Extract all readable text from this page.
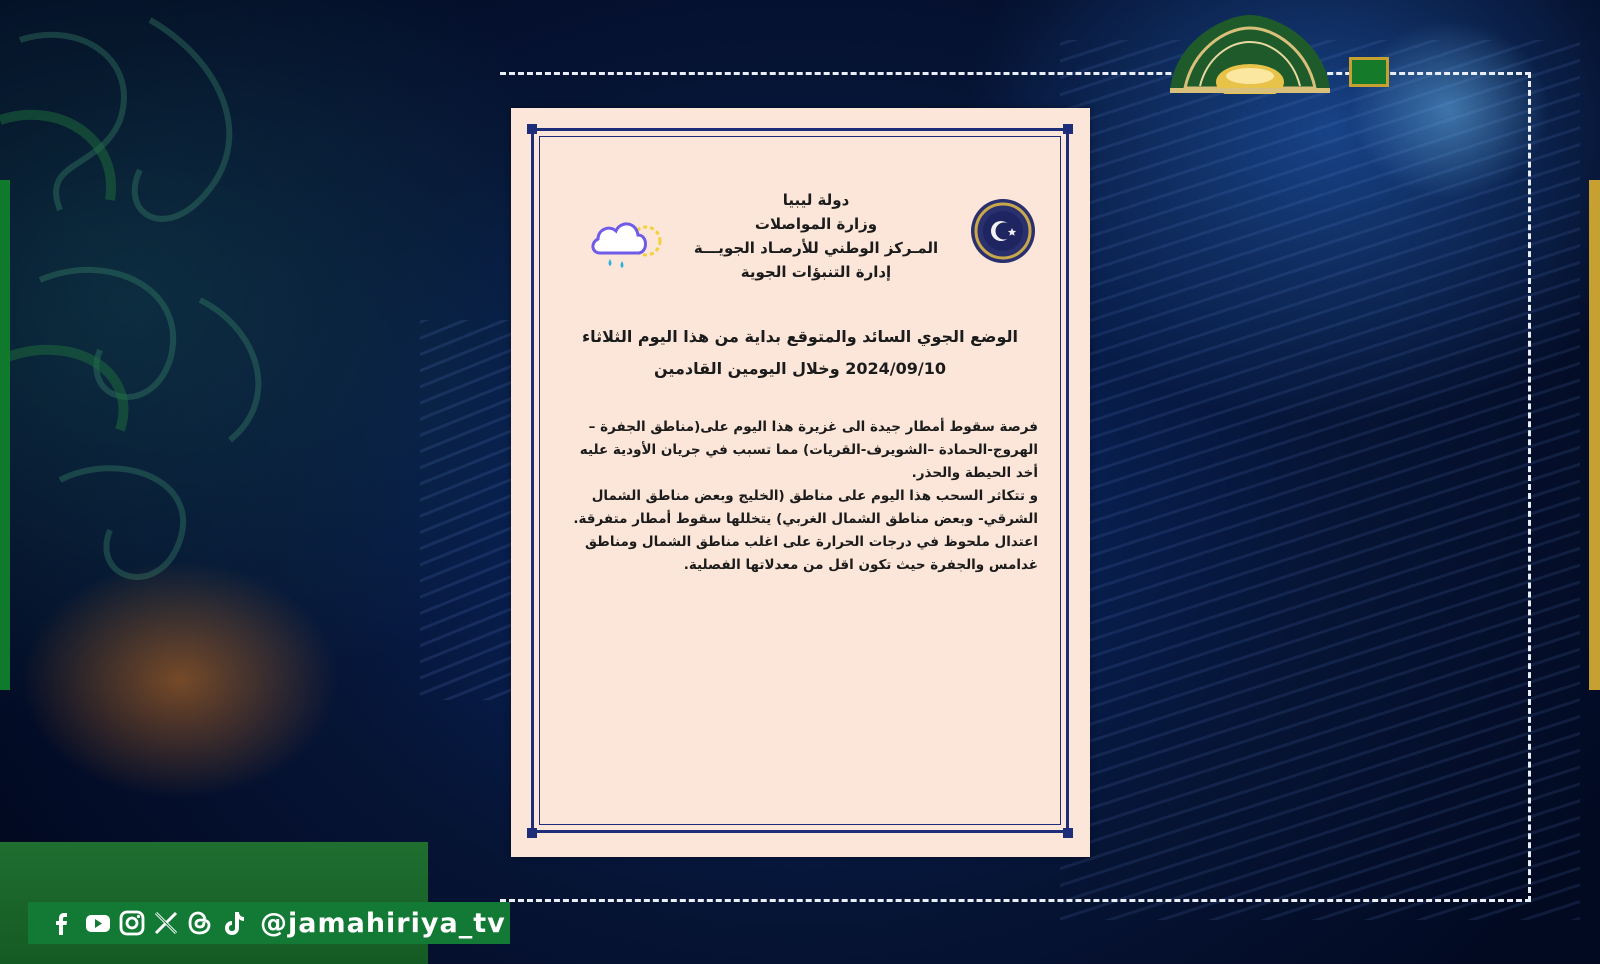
@jamahiriya_tv
دولة ليبيا
وزارة المواصلات
المـركز الوطني للأرصـاد الجويـــة
إدارة التنبؤات الجوية
الوضع الجوي السائد والمتوقع بداية من هذا اليوم الثلاثاء
2024/09/10 وخلال اليومين القادمين
فرصة سقوط أمطار جيدة الى غزيرة هذا اليوم على(مناطق الجفرة –
الهروج-الحمادة –الشويرف-القريات) مما تسبب في جريان الأودية عليه
أخد الحيطة والحذر.
و تتكاثر السحب هذا اليوم على مناطق (الخليج وبعض مناطق الشمال
الشرقي- وبعض مناطق الشمال الغربي) يتخللها سقوط أمطار متفرقة.
اعتدال ملحوظ في درجات الحرارة على اغلب مناطق الشمال ومناطق
غدامس والجفرة حيث تكون اقل من معدلاتها الفصلية.
